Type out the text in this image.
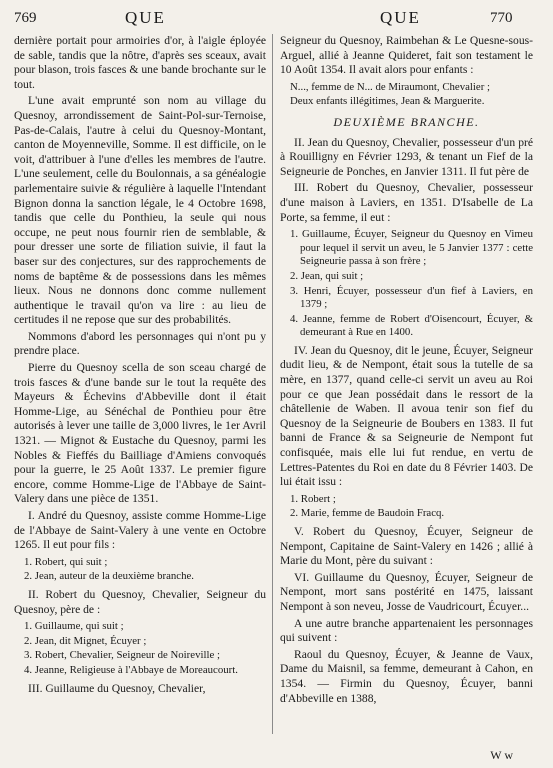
769	QUE	QUE	770

dernière portait pour armoiries d'or, à l'aigle éployée de sable, tandis que la nôtre, d'après ses sceaux, avait pour blason, trois fasces & une bande brochante sur le tout.

L'une avait emprunté son nom au village du Quesnoy, arrondissement de Saint-Pol-sur-Ternoise, Pas-de-Calais, l'autre à celui du Quesnoy-Montant, canton de Moyenneville, Somme. Il est difficile, on le voit, d'attribuer à l'une d'elles les membres de l'autre. L'une seulement, celle du Boulonnais, a sa généalogie parlementaire suivie & régulière à laquelle l'Intendant Bignon donna la sanction légale, le 4 Octobre 1698, tandis que celle du Ponthieu, la seule qui nous occupe, ne peut nous fournir rien de semblable, & pour dresser une sorte de filiation suivie, il faut la baser sur des conjectures, sur des rapprochements de noms de baptême & de possessions dans les mêmes lieux. Nous ne donnons donc comme nullement authentique le travail qu'on va lire : au lieu de certitudes il ne repose que sur des probabilités.

Nommons d'abord les personnages qui n'ont pu y prendre place.

Pierre du Quesnoy scella de son sceau chargé de trois fasces & d'une bande sur le tout la requête des Mayeurs & Échevins d'Abbeville dont il était Homme-Lige, au Sénéchal de Ponthieu pour être autorisés à lever une taille de 3,000 livres, le 1er Avril 1321. — Mignot & Eustache du Quesnoy, parmi les Nobles & Fieffés du Bailliage d'Amiens convoqués pour la guerre, le 25 Août 1337. Le premier figure encore, comme Homme-Lige de l'Abbaye de Saint-Valery dans une pièce de 1351.

I. André du Quesnoy, assiste comme Homme-Lige de l'Abbaye de Saint-Valery à une vente en Octobre 1265. Il eut pour fils :

1. Robert, qui suit ;
2. Jean, auteur de la deuxième branche.

II. Robert du Quesnoy, Chevalier, Seigneur du Quesnoy, père de :

1. Guillaume, qui suit ;
2. Jean, dit Mignet, Écuyer ;
3. Robert, Chevalier, Seigneur de Noireville ;
4. Jeanne, Religieuse à l'Abbaye de Moreaucourt.

III. Guillaume du Quesnoy, Chevalier,

Seigneur du Quesnoy, Raimbehan & Le Quesne-sous-Arguel, allié à Jeanne Quideret, fait son testament le 10 Août 1354. Il avait alors pour enfants :

N..., femme de N... de Miraumont, Chevalier ;
Deux enfants illégitimes, Jean & Marguerite.
DEUXIÈME BRANCHE.

II. Jean du Quesnoy, Chevalier, possesseur d'un pré à Rouilligny en Février 1293, & tenant un Fief de la Seigneurie de Ponches, en Janvier 1311. Il fut père de

III. Robert du Quesnoy, Chevalier, possesseur d'une maison à Laviers, en 1351. D'Isabelle de La Porte, sa femme, il eut :

1. Guillaume, Écuyer, Seigneur du Quesnoy en Vimeu pour lequel il servit un aveu, le 5 Janvier 1377 : cette Seigneurie passa à son frère ;
2. Jean, qui suit ;
3. Henri, Écuyer, possesseur d'un fief à Laviers, en 1379 ;
4. Jeanne, femme de Robert d'Oisencourt, Écuyer, & demeurant à Rue en 1400.

IV. Jean du Quesnoy, dit le jeune, Écuyer, Seigneur dudit lieu, & de Nempont, était sous la tutelle de sa mère, en 1377, quand celle-ci servit un aveu au Roi pour ce que Jean possédait dans le ressort de la châtellenie de Waben. Il avoua tenir son fief du Quesnoy de la Seigneurie de Boubers en 1383. Il fut banni de France & sa Seigneurie de Nempont fut confisquée, mais elle lui fut rendue, en vertu de Lettres-Patentes du Roi en date du 8 Février 1403. De lui était issu :

1. Robert ;
2. Marie, femme de Baudoin Fracq.

V. Robert du Quesnoy, Écuyer, Seigneur de Nempont, Capitaine de Saint-Valery en 1426 ; allié à Marie du Mont, père du suivant :

VI. Guillaume du Quesnoy, Écuyer, Seigneur de Nempont, mort sans postérité en 1475, laissant Nempont à son neveu, Josse de Vaudricourt, Écuyer...

A une autre branche appartenaient les personnages qui suivent :

Raoul du Quesnoy, Écuyer, & Jeanne de Vaux, Dame du Maisnil, sa femme, demeurant à Cahon, en 1354. — Firmin du Quesnoy, Écuyer, banni d'Abbeville en 1388,

W w
